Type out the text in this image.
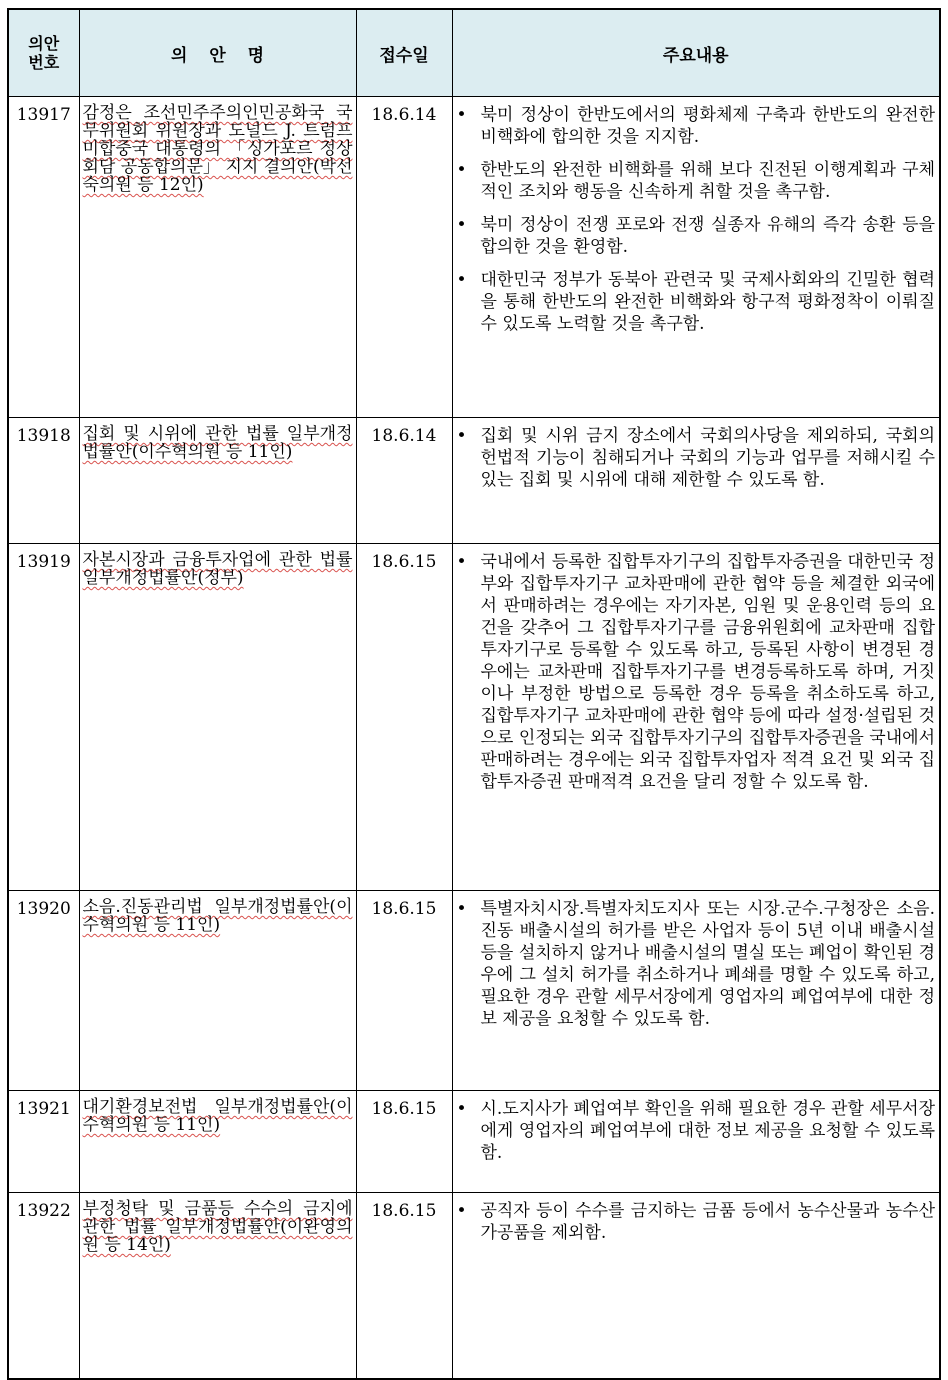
의안
번호	의 안 명	접수일	주요내용
13917	감정은 조선민주주의인민공화국 국무위원회 위원장과 도널드 J. 트럼프 미합중국 대통령의 「싱가포르 정상회담 공동합의문」 지지 결의안(박선숙의원 등 12인)	18.6.14	• 북미 정상이 한반도에서의 평화체제 구축과 한반도의 완전한 비핵화에 합의한 것을 지지함.
• 한반도의 완전한 비핵화를 위해 보다 진전된 이행계획과 구체적인 조치와 행동을 신속하게 취할 것을 촉구함.
• 북미 정상이 전쟁 포로와 전쟁 실종자 유해의 즉각 송환 등을 합의한 것을 환영함.
• 대한민국 정부가 동북아 관련국 및 국제사회와의 긴밀한 협력을 통해 한반도의 완전한 비핵화와 항구적 평화정착이 이뤄질 수 있도록 노력할 것을 촉구함.

13918	집회 및 시위에 관한 법률 일부개정법률안(이수혁의원 등 11인)	18.6.14	• 집회 및 시위 금지 장소에서 국회의사당을 제외하되, 국회의 헌법적 기능이 침해되거나 국회의 기능과 업무를 저해시킬 수 있는 집회 및 시위에 대해 제한할 수 있도록 함.

13919	자본시장과 금융투자업에 관한 법률 일부개정법률안(정부)	18.6.15	• 국내에서 등록한 집합투자기구의 집합투자증권을 대한민국 정부와 집합투자기구 교차판매에 관한 협약 등을 체결한 외국에서 판매하려는 경우에는 자기자본, 임원 및 운용인력 등의 요건을 갖추어 그 집합투자기구를 금융위원회에 교차판매 집합투자기구로 등록할 수 있도록 하고, 등록된 사항이 변경된 경우에는 교차판매 집합투자기구를 변경등록하도록 하며, 거짓이나 부정한 방법으로 등록한 경우 등록을 취소하도록 하고, 집합투자기구 교차판매에 관한 협약 등에 따라 설정·설립된 것으로 인정되는 외국 집합투자기구의 집합투자증권을 국내에서 판매하려는 경우에는 외국 집합투자업자 적격 요건 및 외국 집합투자증권 판매적격 요건을 달리 정할 수 있도록 함.

13920	소음.진동관리법 일부개정법률안(이수혁의원 등 11인)	18.6.15	• 특별자치시장.특별자치도지사 또는 시장.군수.구청장은 소음.진동 배출시설의 허가를 받은 사업자 등이 5년 이내 배출시설 등을 설치하지 않거나 배출시설의 멸실 또는 폐업이 확인된 경우에 그 설치 허가를 취소하거나 폐쇄를 명할 수 있도록 하고, 필요한 경우 관할 세무서장에게 영업자의 폐업여부에 대한 정보 제공을 요청할 수 있도록 함.

13921	대기환경보전법 일부개정법률안(이수혁의원 등 11인)	18.6.15	• 시.도지사가 폐업여부 확인을 위해 필요한 경우 관할 세무서장에게 영업자의 폐업여부에 대한 정보 제공을 요청할 수 있도록 함.

13922	부정청탁 및 금품등 수수의 금지에 관한 법률 일부개정법률안(이완영의원 등 14인)	18.6.15	• 공직자 등이 수수를 금지하는 금품 등에서 농수산물과 농수산가공품을 제외함.
